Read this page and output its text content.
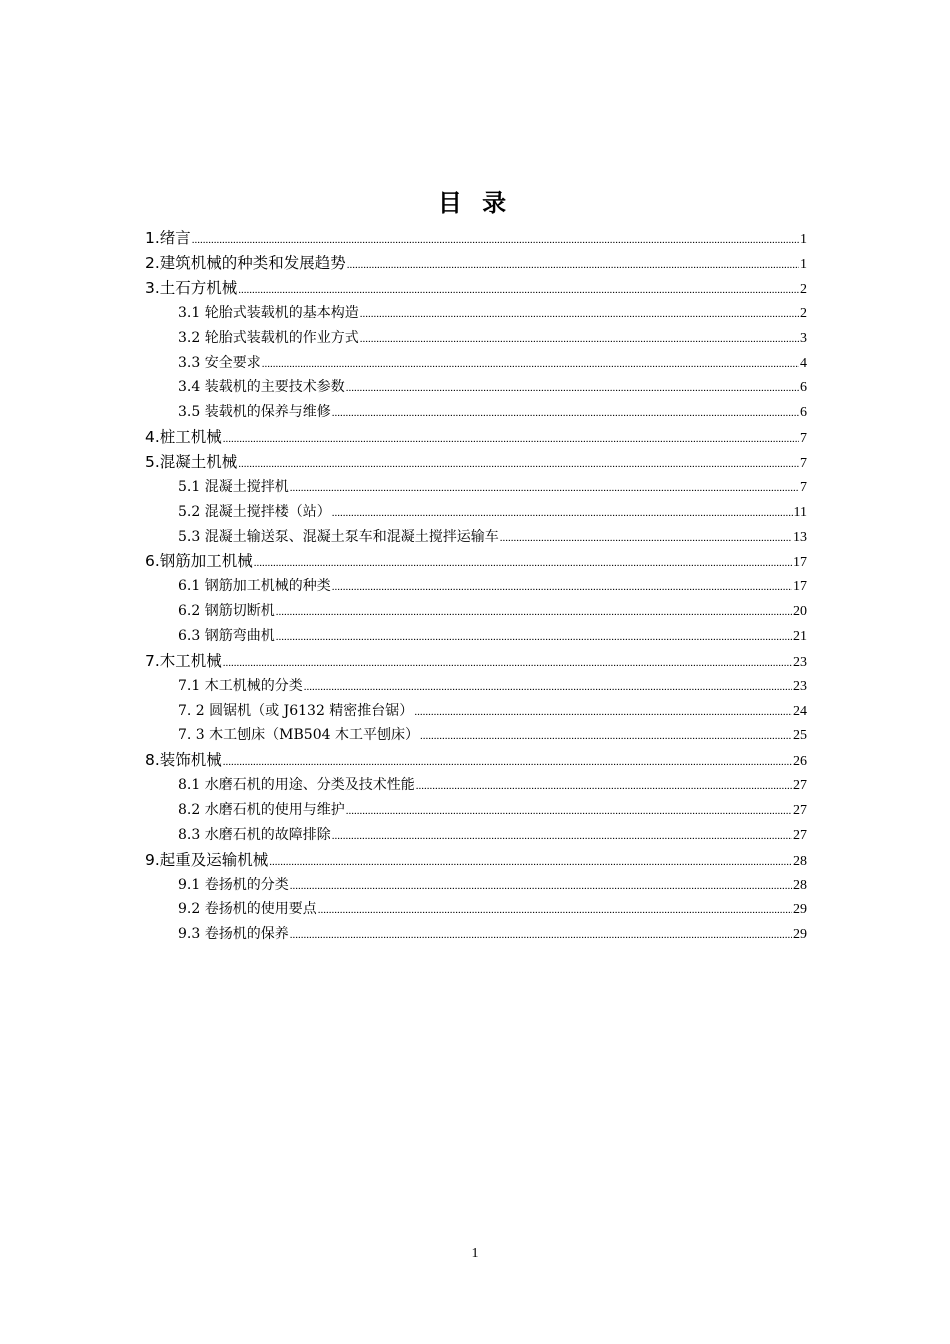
目 录
1.绪言 .....	1
2.建筑机械的种类和发展趋势 .....	1
3.土石方机械 .....	2
3.1 轮胎式装载机的基本构造 .....	2
3.2 轮胎式装载机的作业方式 .....	3
3.3 安全要求 .....	4
3.4 装载机的主要技术参数 .....	6
3.5 装载机的保养与维修 .....	6
4.桩工机械 .....	7
5.混凝土机械 .....	7
5.1 混凝土搅拌机 .....	7
5.2 混凝土搅拌楼（站） .....	11
5.3 混凝土输送泵、混凝土泵车和混凝土搅拌运输车 .....	13
6.钢筋加工机械 .....	17
6.1 钢筋加工机械的种类 .....	17
6.2 钢筋切断机 .....	20
6.3 钢筋弯曲机 .....	21
7.木工机械 .....	23
7.1 木工机械的分类 .....	23
7. 2 圆锯机（或 J6132 精密推台锯） .....	24
7. 3 木工刨床（MB504 木工平刨床） .....	25
8.装饰机械 .....	26
8.1 水磨石机的用途、分类及技术性能 .....	27
8.2 水磨石机的使用与维护 .....	27
8.3 水磨石机的故障排除 .....	27
9.起重及运输机械 .....	28
9.1 卷扬机的分类 .....	28
9.2 卷扬机的使用要点 .....	29
9.3 卷扬机的保养 .....	29
1
